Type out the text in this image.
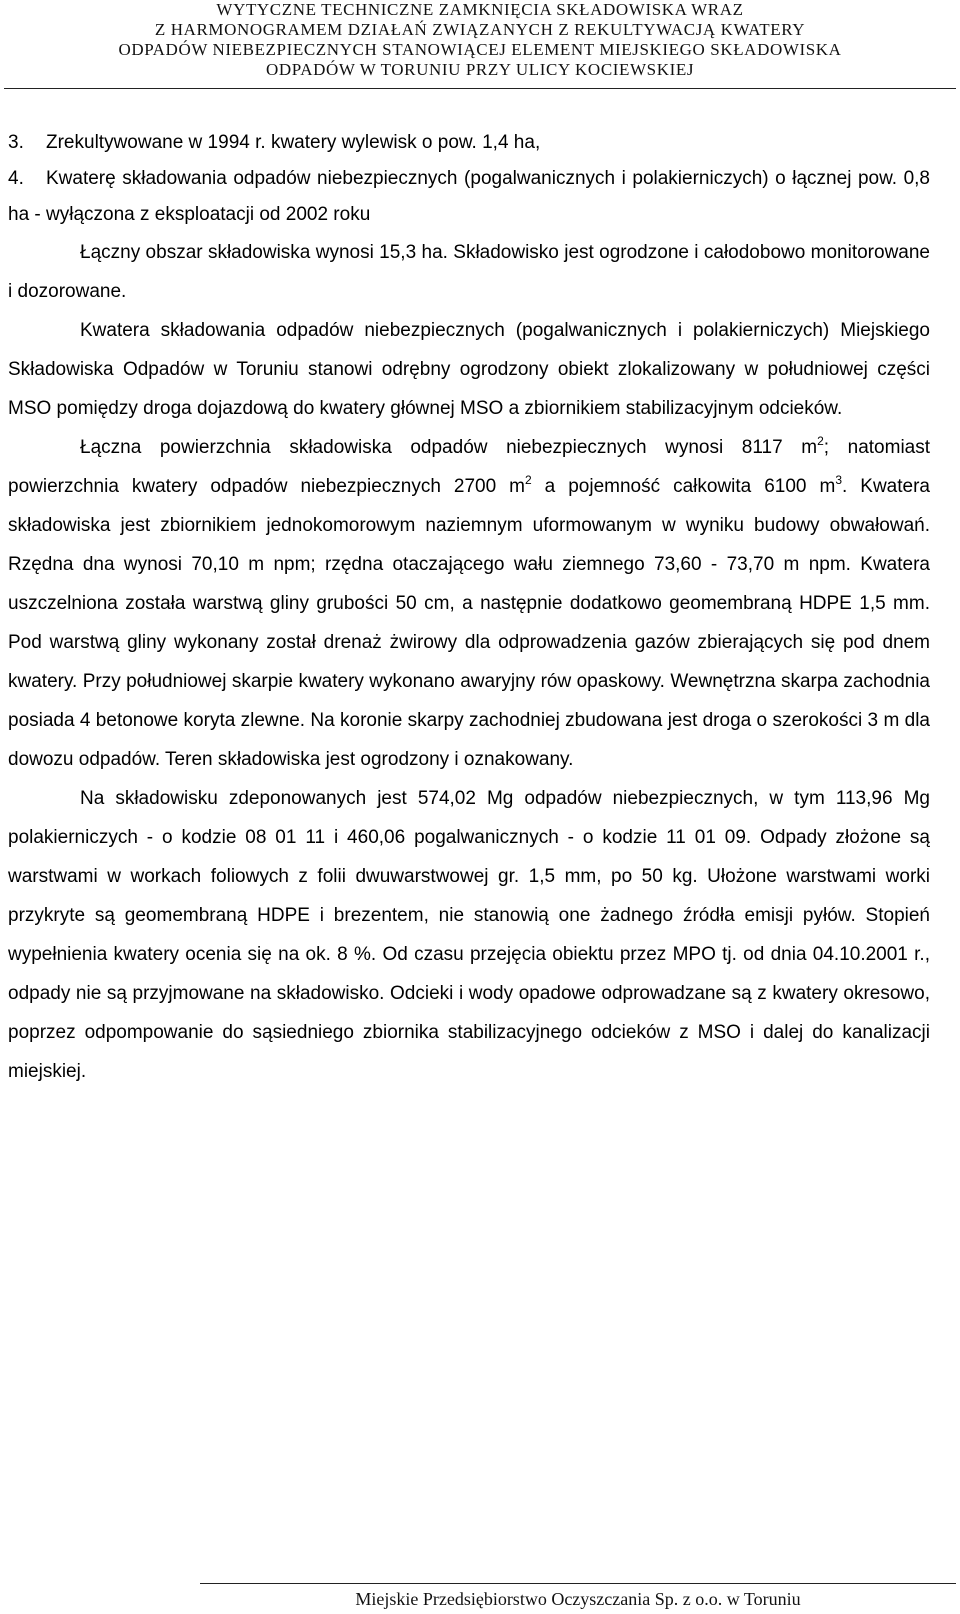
WYTYCZNE TECHNICZNE ZAMKNIĘCIA SKŁADOWISKA WRAZ
Z HARMONOGRAMEM DZIAŁAŃ ZWIĄZANYCH Z REKULTYWACJĄ KWATERY
ODPADÓW NIEBEZPIECZNYCH STANOWIĄCEJ ELEMENT MIEJSKIEGO SKŁADOWISKA
ODPADÓW W TORUNIU PRZY ULICY KOCIEWSKIEJ
3. Zrekultywowane w 1994 r. kwatery wylewisk o pow. 1,4 ha,
4. Kwaterę składowania odpadów niebezpiecznych (pogalwanicznych i polakierniczych) o łącznej pow. 0,8 ha - wyłączona z eksploatacji od 2002 roku

Łączny obszar składowiska wynosi 15,3 ha. Składowisko jest ogrodzone i całodobowo monitorowane i dozorowane.

Kwatera składowania odpadów niebezpiecznych (pogalwanicznych i polakierniczych) Miejskiego Składowiska Odpadów w Toruniu stanowi odrębny ogrodzony obiekt zlokalizowany w południowej części MSO pomiędzy droga dojazdową do kwatery głównej MSO a zbiornikiem stabilizacyjnym odcieków.

Łączna powierzchnia składowiska odpadów niebezpiecznych wynosi 8117 $m^2$; natomiast powierzchnia kwatery odpadów niebezpiecznych 2700 $m^2$ a pojemność całkowita 6100 $m^3$. Kwatera składowiska jest zbiornikiem jednokomorowym naziemnym uformowanym w wyniku budowy obwałowań. Rzędna dna wynosi 70,10 m npm; rzędna otaczającego wału ziemnego 73,60 - 73,70 m npm. Kwatera uszczelniona została warstwą gliny grubości 50 cm, a następnie dodatkowo geomembraną HDPE 1,5 mm. Pod warstwą gliny wykonany został drenaż żwirowy dla odprowadzenia gazów zbierających się pod dnem kwatery. Przy południowej skarpie kwatery wykonano awaryjny rów opaskowy. Wewnętrzna skarpa zachodnia posiada 4 betonowe koryta zlewne. Na koronie skarpy zachodniej zbudowana jest droga o szerokości 3 m dla dowozu odpadów. Teren składowiska jest ogrodzony i oznakowany.

Na składowisku zdeponowanych jest 574,02 Mg odpadów niebezpiecznych, w tym 113,96 Mg polakierniczych - o kodzie 08 01 11 i 460,06 pogalwanicznych - o kodzie 11 01 09. Odpady złożone są warstwami w workach foliowych z folii dwuwarstwowej gr. 1,5 mm, po 50 kg. Ułożone warstwami worki przykryte są geomembraną HDPE i brezentem, nie stanowią one żadnego źródła emisji pyłów. Stopień wypełnienia kwatery ocenia się na ok. 8 %. Od czasu przejęcia obiektu przez MPO tj. od dnia 04.10.2001 r., odpady nie są przyjmowane na składowisko. Odcieki i wody opadowe odprowadzane są z kwatery okresowo, poprzez odpompowanie do sąsiedniego zbiornika stabilizacyjnego odcieków z MSO i dalej do kanalizacji miejskiej.

Miejskie Przedsiębiorstwo Oczyszczania Sp. z o.o. w Toruniu
